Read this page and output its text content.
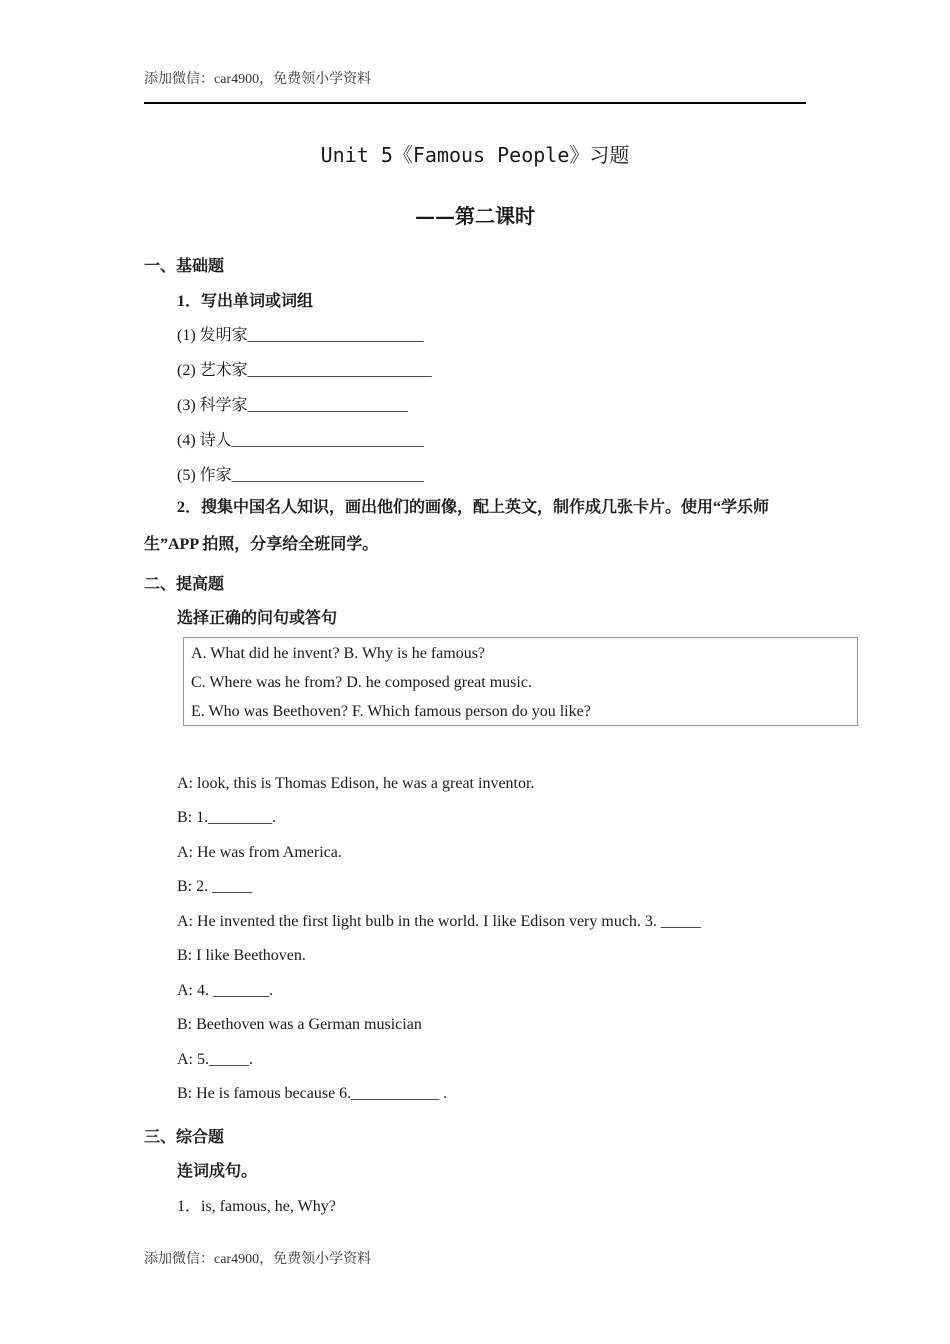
添加微信：car4900，免费领小学资料
Unit 5《Famous People》习题
——第二课时
一、基础题
1．写出单词或词组
(1) 发明家______________________
(2) 艺术家_______________________
(3) 科学家____________________
(4) 诗人________________________
(5) 作家________________________
2．搜集中国名人知识，画出他们的画像，配上英文，制作成几张卡片。使用“学乐师生”APP 拍照，分享给全班同学。
二、提高题
选择正确的问句或答句
A. What did he invent? B. Why is he famous?
C. Where was he from? D. he composed great music.
E. Who was Beethoven? F. Which famous person do you like?
A: look, this is Thomas Edison, he was a great inventor.
B: 1.________.
A: He was from America.
B: 2. _____
A: He invented the first light bulb in the world. I like Edison very much. 3. _____
B: I like Beethoven.
A: 4. _______.
B: Beethoven was a German musician
A: 5._____.
B: He is famous because 6.___________ .
三、综合题
连词成句。
1．is, famous, he, Why?
添加微信：car4900，免费领小学资料
